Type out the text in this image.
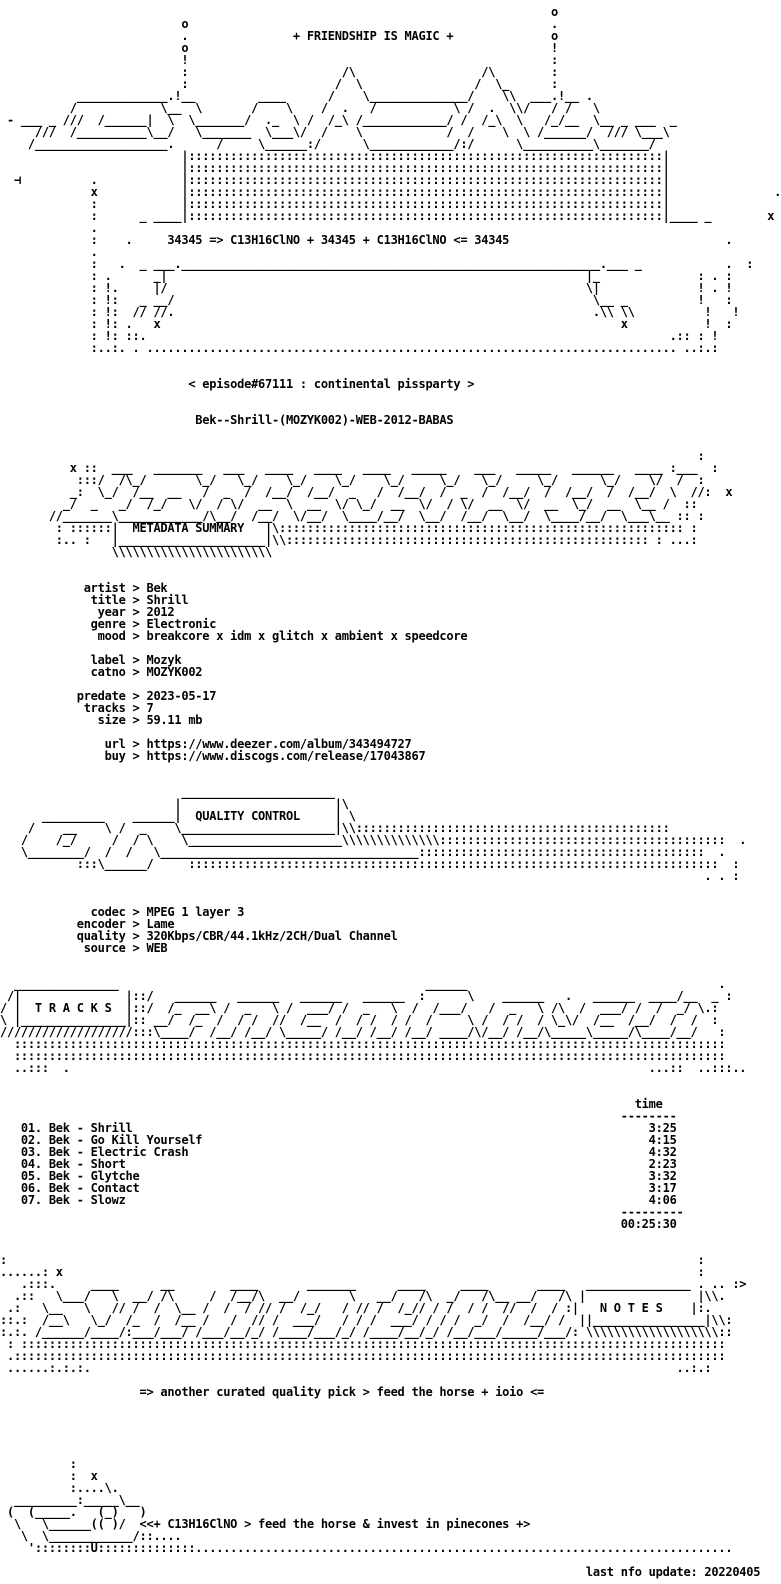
o
o                                                    .
.               + FRIENDSHIP IS MAGIC +              o
o                                                    !
!                                                    :
:                      /\                  /\        :
:                     /  \                /  \_      :
_____________.!__         ____      /    \______________/    \\  ___.!__ .
/            \__  \       /    \    /  .   /           \ /  .  \\/   / /   \
- ___ _ ///  /______|  \  \_______/  ._  \ /  /_\ /____________/ /  /_\  \   /_/__  \__ _ ___  _
///  /__________\__/   \_______  \___\/  /    \            /  /    \  \ /______/  /// \___\
/___________________.      /     \______:/      \____________/:/      \__________\_______/
|::::::::::::::::::::::::::::::::::::::::::::::::::::::::::::::::::::|
|::::::::::::::::::::::::::::::::::::::::::::::::::::::::::::::::::::|
⊣          .            |::::::::::::::::::::::::::::::::::::::::::::::::::::::::::::::::::::|
x            |::::::::::::::::::::::::::::::::::::::::::::::::::::::::::::::::::::|               .
:            |::::::::::::::::::::::::::::::::::::::::::::::::::::::::::::::::::::|
:      _ ____|::::::::::::::::::::::::::::::::::::::::::::::::::::::::::::::::::::|____ _        x
.
:    .     34345 => C13H16ClNO + 34345 + C13H16ClNO <= 34345                               .
.
:   .  _ ___.____________________________________________________________.___ _            .  :
: .      _|                                                            |_              : . :
: !.     |/                                                            \|              ! . !
: !:   _ __/                                                            \__ _          !   :
: !:  // //.                                                            .\\ \\          !   !
: !: .   x                                                                  x           !  :
: !: ::.                                                                           .:: : !
:..:. . ............................................................................ ..:.:

< episode#67111 : continental pissparty >

Bek--Shrill-(MOZYK002)-WEB-2012-BABAS

:
x ::  ___   _______   ___   ____   ____   ____   _____    ___   _____   ______   ____ :___  :
:::/  /\_/       \_/   \_/    \_/    \_/    \_/     \_/   \_/     \_/      \_/    \/  /  :
_:  \_/  /__  __   /  _  /  /__/  /__/  _   /  /__/  /  _  /  /__/  /  /__/  /  /__/  \  //:  x
_/  _   _/  /_/   \/  / \/  __  \  __  \/ \_/  __  \/  / \/  __  \/  __  \_/  __  \__ /  ::
//_______\____________/\__/  /__/  \/__/  \____/__/  \__/  /__/  \__/  \____/__/  \___\__ :: :
: ::::::|  METADATA SUMMARY   |\:::::::::::::::::::::::::::::::::::::::::::::::::::::::::: :
:.. :   |_____________________|\\:::::::::::::::::::::::::::::::::::::::::::::::::::: : ...:
\\\\\\\\\\\\\\\\\\\\\\\

artist > Bek
title > Shrill
year > 2012
genre > Electronic
mood > breakcore x idm x glitch x ambient x speedcore

label > Mozyk
catno > MOZYK002

predate > 2023-05-17
tracks > 7
size > 59.11 mb

url > https://www.deezer.com/album/343494727
buy > https://www.discogs.com/release/17043867

______________________
|                      |\
_________    ______|  QUALITY CONTROL     | \
/    __    \ /  _    \______________________|\\:::::::::::::::::::::::::::::::::::::::::::::
/    /_/     /  / \    \______________________\\\\\\\\\\\\\\:::::::::::::::::::::::::::::::::::::::::  .
\________/  /  /   \_____________________________________:::::::::::::::::::::::::::::::::::::::::  .
:::\______/     ::::::::::::::::::::::::::::::::::::::::::::::::::::::::::::::::::::::::::::  :
. . :

codec > MPEG 1 layer 3
encoder > Lame
quality > 320Kbps/CBR/44.1kHz/2CH/Dual Channel
source > WEB

_______________                                            ______                                    .
/|               |::/   ______   ______   ______   ______  :      \    ______   .   ______  ____/__  _ :
/ |  T R A C K S  |::/  /_  __\ /  _   \ /  ___/ /  _   \  /  /___/   /  _   \ /\  /  ___/ /  /  _/ \.:
\ |_______________|:: __/  /_  /  / /  //  /__  /  / /  / /  /     \ /  / /  / \_\/  /__  /__/  /  /  :
///////////////////:::\____/  /__/ /__/ \_____/ /__/ /__/ /__/ ____/\/__/ /__/\_____\_____/\____/__/   :
::::::::::::::::::::::::::::::::::::::::::::::::::::::::::::::::::::::::::::::::::::::::::::::::::::::
::::::::::::::::::::::::::::::::::::::::::::::::::::::::::::::::::::::::::::::::::::::::::::::::::::::
..:::  .                                                                                   ...::  ..:::..

time
--------
01. Bek - Shrill                                                                          3:25
02. Bek - Go Kill Yourself                                                                4:15
03. Bek - Electric Crash                                                                  4:32
04. Bek - Short                                                                           2:23
05. Bek - Glytche                                                                         3:32
06. Bek - Contact                                                                         3:17
07. Bek - Slowz                                                                           4:06
---------
00:25:30

:                                                                                                   :
......: x                                                                                           :
.:::.     ____      __        ____       _______      ____     ____       ____   _______________ . .. :>
.::   \___/   \  __/ /\     /  /__/\  __/       \   __/   /\  _/   /\__ __/   /\ |                |\\.
.:   \__   \   // /  /  \__ /  /  / // /  /_/   / // /  /_// / /  / /  //  /  / :|   N O T E S    |:.
::.:  /__\   \_/  /_  /  /__ /   /  // /  ___/   / / /  ___/ / / /  _/  /  /__/ /  ||________________|\\:
:.:. /______/____/:___/___/ /___/__/_/ /____/___/_/ /____/__/_/ /__/___/_____/___/: \\\\\\\\\\\\\\\\\\\::
: :::::::::::::::::::::::::::::::::::::::::::::::::::::::::::::::::::::::::::::::::::::::::::::::::::::
.::::::::::::::::::::::::::::::::::::::::::::::::::::::::::::::::::::::::::::::::::::::::::::::::::::::
......:.:.:.                                                                                    ..:.:

=> another curated quality pick > feed the horse + ioio <=

:
:  x
:....\.
_________:_____\__
(  (_____.   (_)   )
\   \______(( )/  <<+ C13H16ClNO > feed the horse & invest in pinecones +>
\  \____________/::....
'::::::::U::::::::::::::.............................................................................

last nfo update: 20220405
